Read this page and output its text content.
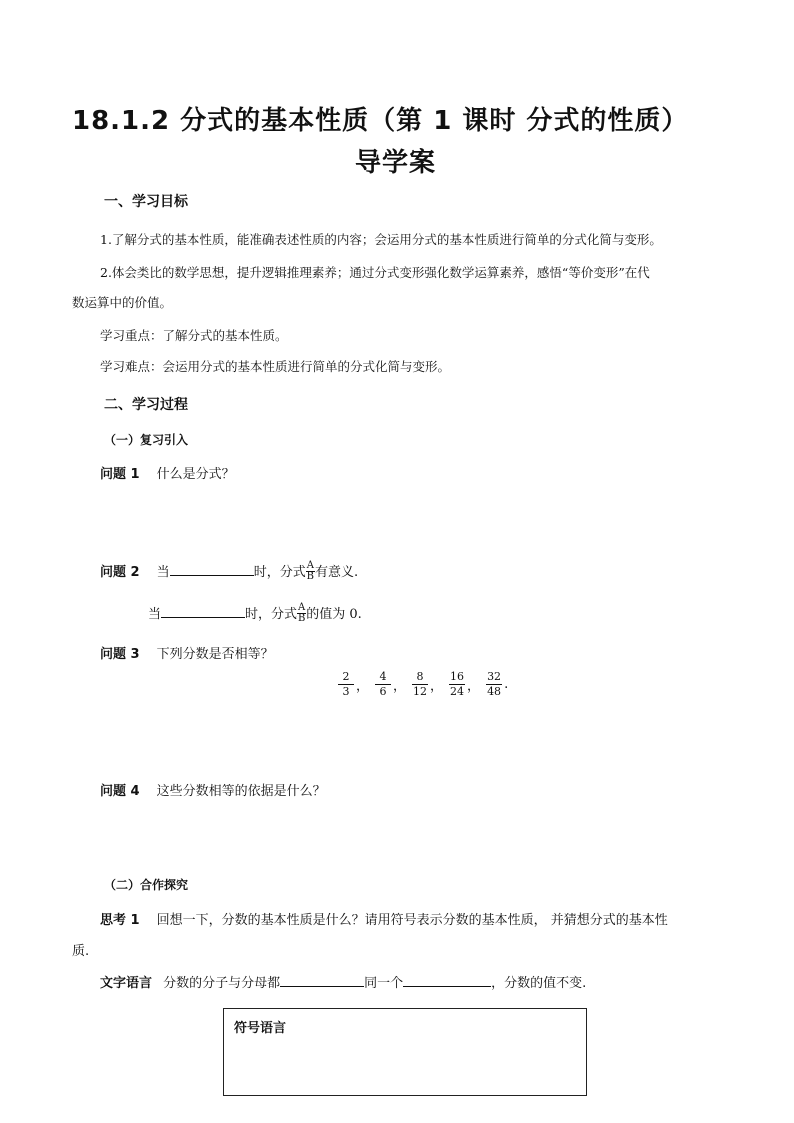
18.1.2 分式的基本性质（第 1 课时 分式的性质）
导学案
一、学习目标
1.了解分式的基本性质，能准确表述性质的内容；会运用分式的基本性质进行简单的分式化简与变形。
2.体会类比的数学思想，提升逻辑推理素养；通过分式变形强化数学运算素养，感悟“等价变形”在代
数运算中的价值。
学习重点：了解分式的基本性质。
学习难点：会运用分式的基本性质进行简单的分式化简与变形。
二、学习过程
（一）复习引入
问题 1 什么是分式？
问题 2 当	时，分式 $\frac{A}{B}$ 有意义.
当	时，分式 $\frac{A}{B}$ 的值为 0.
问题 3 下列分数是否相等？
$\frac{2}{3}$ ， $\frac{4}{6}$ ， $\frac{8}{12}$ ， $\frac{16}{24}$ ， $\frac{32}{48}$ .
问题 4 这些分数相等的依据是什么？
（二）合作探究
思考 1 回想一下，分数的基本性质是什么？请用符号表示分数的基本性质， 并猜想分式的基本性
质.
文字语言 分数的分子与分母都	同一个	，分数的值不变.
符号语言
